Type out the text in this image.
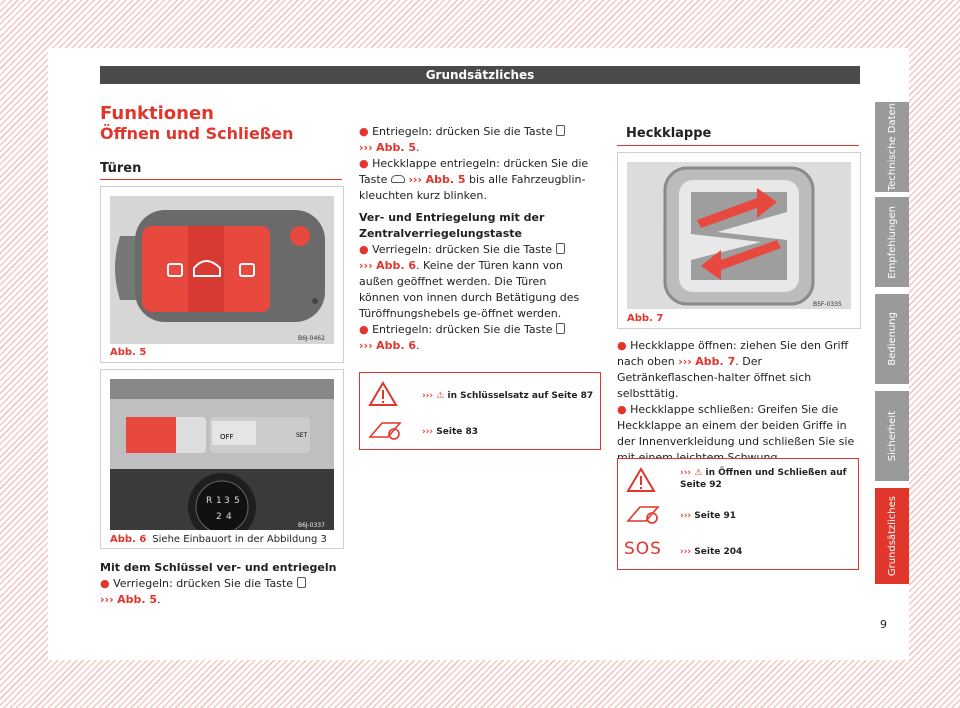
Grundsätzliches
Funktionen
Öffnen und Schließen
Türen
B6J-0462
Abb. 5
OFF	SET
R 1 3 5
2 4
B6J-0337
Abb. 6 Siehe Einbauort in der Abbildung 3

Mit dem Schlüssel ver- und entriegeln

● Verriegeln: drücken Sie die Taste
››› Abb. 5.

● Entriegeln: drücken Sie die Taste
››› Abb. 5.

● Heckklappe entriegeln: drücken Sie die Taste ››› Abb. 5 bis alle Fahrzeugblin-kleuchten kurz blinken.

Ver- und Entriegelung mit der Zentralverriegelungstaste

● Verriegeln: drücken Sie die Taste
››› Abb. 6. Keine der Türen kann von außen geöffnet werden. Die Türen können von innen durch Betätigung des Türöffnungshebels ge-öffnet werden.

● Entriegeln: drücken Sie die Taste
››› Abb. 6.

››› ⚠ in Schlüsselsatz auf Seite 87
››› Seite 83
Heckklappe
B5F-0335
Abb. 7

● Heckklappe öffnen: ziehen Sie den Griff nach oben ››› Abb. 7. Der Getränkeflaschen-halter öffnet sich selbsttätig.

● Heckklappe schließen: Greifen Sie die Heckklappe an einem der beiden Griffe in der Innenverkleidung und schließen Sie sie

SOS
››› ⚠ in Öffnen und Schließen auf
Seite 92
››› Seite 91
››› Seite 204
Technische Daten
Empfehlungen
Bedienung
Sicherheit
Grundsätzliches
9
